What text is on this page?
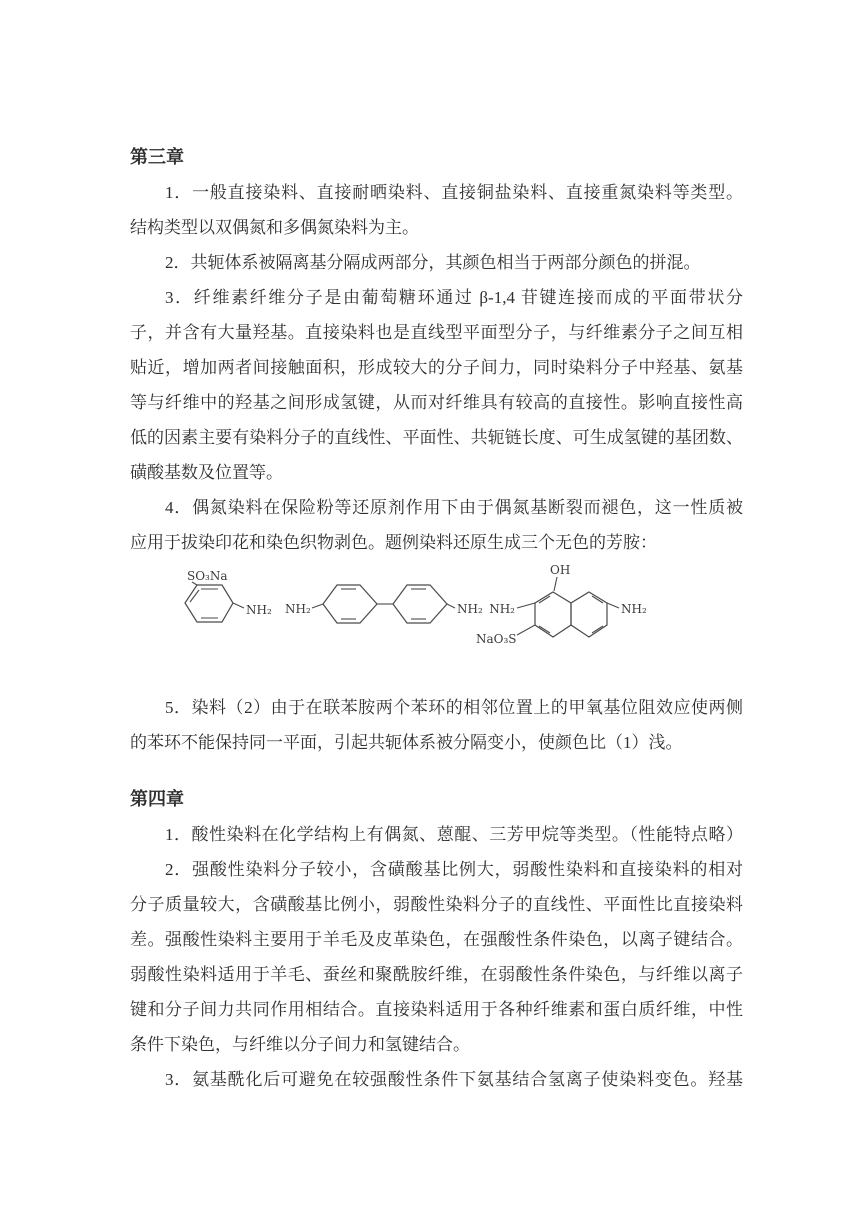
第三章
1．一般直接染料、直接耐晒染料、直接铜盐染料、直接重氮染料等类型。
结构类型以双偶氮和多偶氮染料为主。
2．共轭体系被隔离基分隔成两部分，其颜色相当于两部分颜色的拼混。
3．纤维素纤维分子是由葡萄糖环通过 β-1,4 苷键连接而成的平面带状分
子，并含有大量羟基。直接染料也是直线型平面型分子，与纤维素分子之间互相
贴近，增加两者间接触面积，形成较大的分子间力，同时染料分子中羟基、氨基
等与纤维中的羟基之间形成氢键，从而对纤维具有较高的直接性。影响直接性高
低的因素主要有染料分子的直线性、平面性、共轭链长度、可生成氢键的基团数、
磺酸基数及位置等。
4．偶氮染料在保险粉等还原剂作用下由于偶氮基断裂而褪色，这一性质被
应用于拔染印花和染色织物剥色。题例染料还原生成三个无色的芳胺：
SO₃Na
NH₂ NH₂	NH₂
OH
NH₂
NaO₃S
NH₂
5．染料（2）由于在联苯胺两个苯环的相邻位置上的甲氧基位阻效应使两侧
的苯环不能保持同一平面，引起共轭体系被分隔变小，使颜色比（1）浅。
第四章
1．酸性染料在化学结构上有偶氮、蒽醌、三芳甲烷等类型。（性能特点略）
2．强酸性染料分子较小，含磺酸基比例大，弱酸性染料和直接染料的相对
分子质量较大，含磺酸基比例小，弱酸性染料分子的直线性、平面性比直接染料
差。强酸性染料主要用于羊毛及皮革染色，在强酸性条件染色，以离子键结合。
弱酸性染料适用于羊毛、蚕丝和聚酰胺纤维，在弱酸性条件染色，与纤维以离子
键和分子间力共同作用相结合。直接染料适用于各种纤维素和蛋白质纤维，中性
条件下染色，与纤维以分子间力和氢键结合。
3．氨基酰化后可避免在较强酸性条件下氨基结合氢离子使染料变色。羟基
